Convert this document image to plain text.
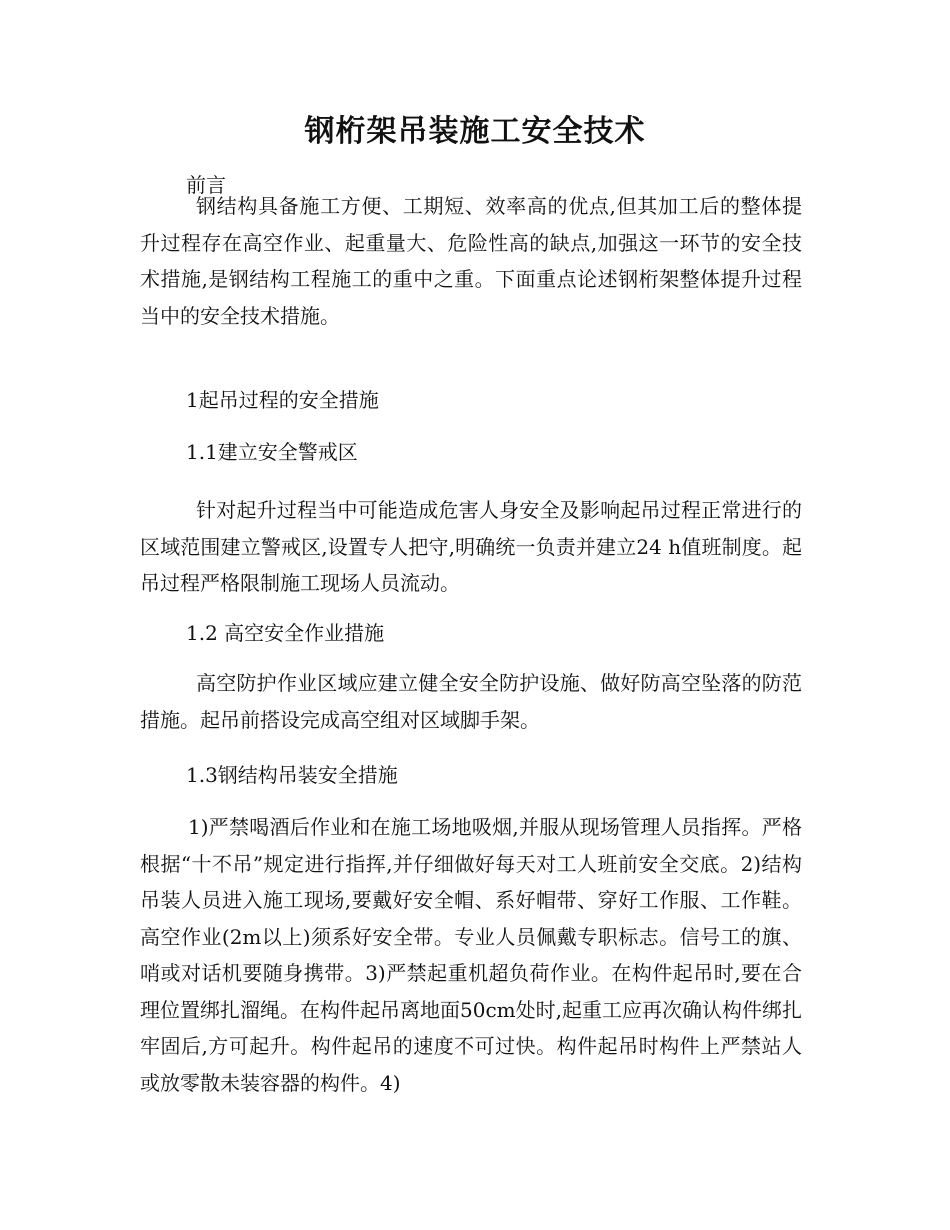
钢桁架吊装施工安全技术
前言
钢结构具备施工方便、工期短、效率高的优点,但其加工后的整体提升过程存在高空作业、起重量大、危险性高的缺点,加强这一环节的安全技术措施,是钢结构工程施工的重中之重。下面重点论述钢桁架整体提升过程当中的安全技术措施。
1起吊过程的安全措施
1.1建立安全警戒区
针对起升过程当中可能造成危害人身安全及影响起吊过程正常进行的区域范围建立警戒区,设置专人把守,明确统一负责并建立24 h值班制度。起吊过程严格限制施工现场人员流动。
1.2 高空安全作业措施
高空防护作业区域应建立健全安全防护设施、做好防高空坠落的防范措施。起吊前搭设完成高空组对区域脚手架。
1.3钢结构吊装安全措施
1)严禁喝酒后作业和在施工场地吸烟,并服从现场管理人员指挥。严格根据“十不吊”规定进行指挥,并仔细做好每天对工人班前安全交底。2)结构吊装人员进入施工现场,要戴好安全帽、系好帽带、穿好工作服、工作鞋。高空作业(2m以上)须系好安全带。专业人员佩戴专职标志。信号工的旗、哨或对话机要随身携带。3)严禁起重机超负荷作业。在构件起吊时,要在合理位置绑扎溜绳。在构件起吊离地面50cm处时,起重工应再次确认构件绑扎牢固后,方可起升。构件起吊的速度不可过快。构件起吊时构件上严禁站人或放零散未装容器的构件。4)
